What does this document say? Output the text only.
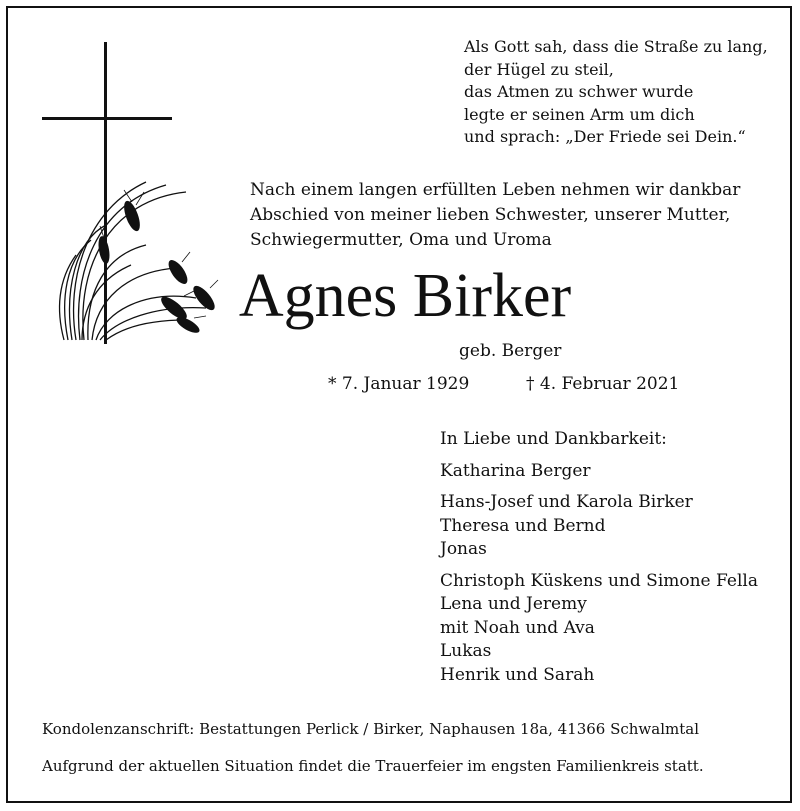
Als Gott sah, dass die Straße zu lang,
der Hügel zu steil,
das Atmen zu schwer wurde
legte er seinen Arm um dich
und sprach: „Der Friede sei Dein.“
Nach einem langen erfüllten Leben nehmen wir dankbar
Abschied von meiner lieben Schwester, unserer Mutter,
Schwiegermutter, Oma und Uroma
Agnes Birker
geb. Berger
* 7. Januar 1929	† 4. Februar 2021
In Liebe und Dankbarkeit:
Katharina Berger
Hans-Josef und Karola Birker
Theresa und Bernd
Jonas
Christoph Küskens und Simone Fella
Lena und Jeremy
mit Noah und Ava
Lukas
Henrik und Sarah
Kondolenzanschrift: Bestattungen Perlick / Birker, Naphausen 18a, 41366 Schwalmtal
Aufgrund der aktuellen Situation findet die Trauerfeier im engsten Familienkreis statt.
